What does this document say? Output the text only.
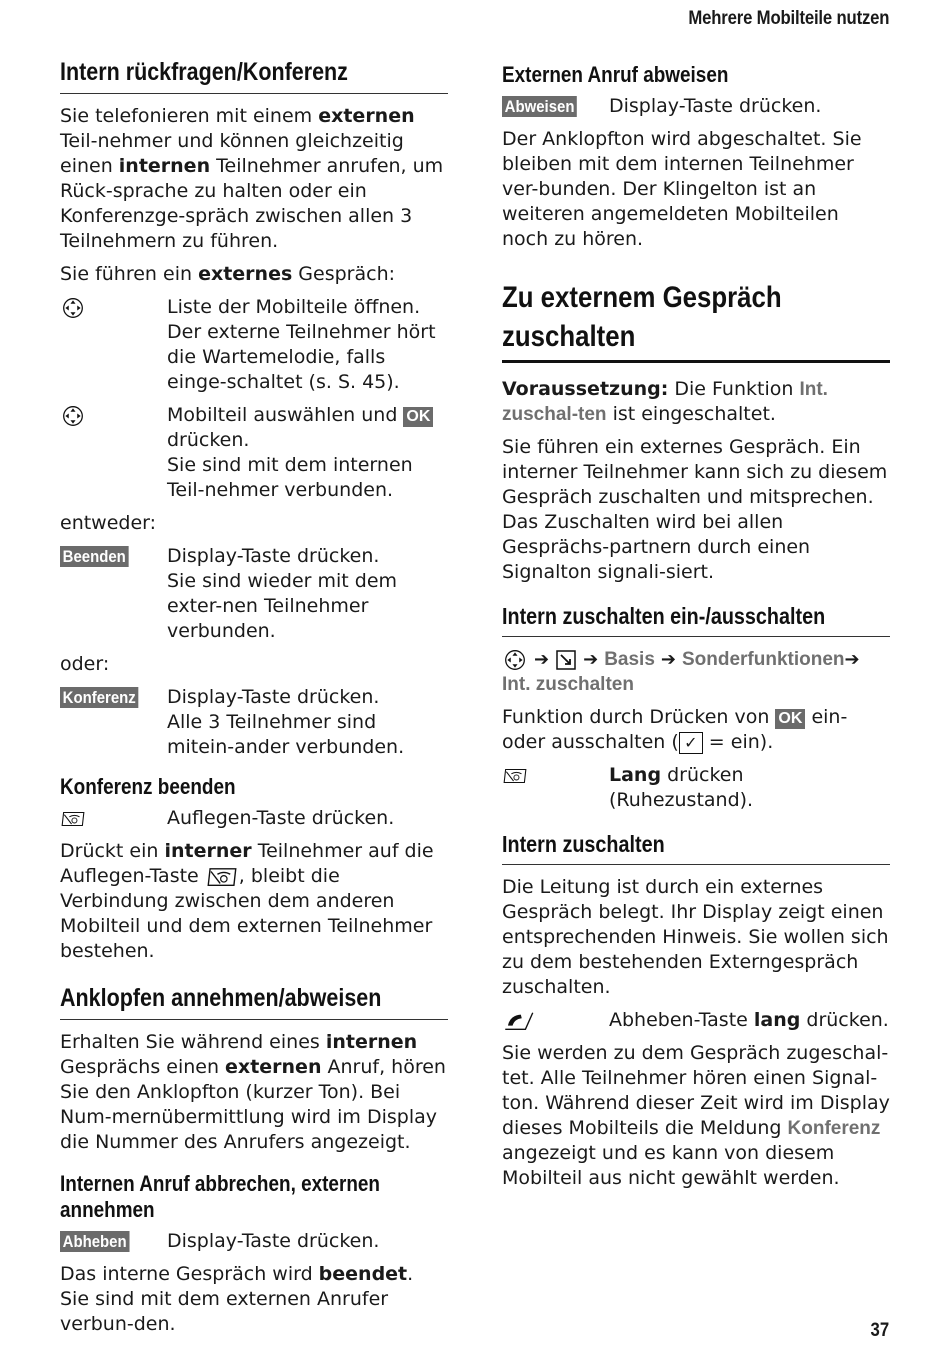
Mehrere Mobilteile nutzen
Intern rückfragen/Konferenz

Sie telefonieren mit einem externen Teil-nehmer und können gleichzeitig einen internen Teilnehmer anrufen, um Rück-sprache zu halten oder ein Konferenzge-spräch zwischen allen 3 Teilnehmern zu führen.

Sie führen ein externes Gespräch:

Liste der Mobilteile öffnen. Der externe Teilnehmer hört die Wartemelodie, falls einge-schaltet (s. S. 45).
Mobilteil auswählen und OK drücken.
Sie sind mit dem internen Teil-nehmer verbunden.

entweder:

Beenden	Display-Taste drücken.
Sie sind wieder mit dem exter-nen Teilnehmer verbunden.

oder:

Konferenz	Display-Taste drücken.
Alle 3 Teilnehmer sind mitein-ander verbunden.
Konferenz beenden
Auflegen-Taste drücken.

Drückt ein interner Teilnehmer auf die Auflegen-Taste , bleibt die Verbindung zwischen dem anderen Mobilteil und dem externen Teilnehmer bestehen.

Anklopfen annehmen/abweisen

Erhalten Sie während eines internen Gesprächs einen externen Anruf, hören Sie den Anklopfton (kurzer Ton). Bei Num-mernübermittlung wird im Display die Nummer des Anrufers angezeigt.

Internen Anruf abbrechen, externen annehmen
Abheben	Display-Taste drücken.

Das interne Gespräch wird beendet. Sie sind mit dem externen Anrufer verbun-den.

Externen Anruf abweisen
Abweisen	Display-Taste drücken.

Der Anklopfton wird abgeschaltet. Sie bleiben mit dem internen Teilnehmer ver-bunden. Der Klingelton ist an weiteren angemeldeten Mobilteilen noch zu hören.

Zu externem Gespräch
zuschalten

Voraussetzung: Die Funktion Int. zuschal-ten ist eingeschaltet.

Sie führen ein externes Gespräch. Ein interner Teilnehmer kann sich zu diesem Gespräch zuschalten und mitsprechen. Das Zuschalten wird bei allen Gesprächs-partnern durch einen Signalton signali-siert.

Intern zuschalten ein-/ausschalten
➔ ➔ Basis ➔ Sonderfunktionen ➔
Int. zuschalten

Funktion durch Drücken von OK ein- oder ausschalten ( ✓ = ein).

Lang drücken (Ruhezustand).
Intern zuschalten

Die Leitung ist durch ein externes Gespräch belegt. Ihr Display zeigt einen entsprechenden Hinweis. Sie wollen sich zu dem bestehenden Externgespräch zuschalten.

Abheben-Taste lang drücken.

Sie werden zu dem Gespräch zugeschal-tet. Alle Teilnehmer hören einen Signal-ton. Während dieser Zeit wird im Display dieses Mobilteils die Meldung Konferenz angezeigt und es kann von diesem Mobilteil aus nicht gewählt werden.

37
